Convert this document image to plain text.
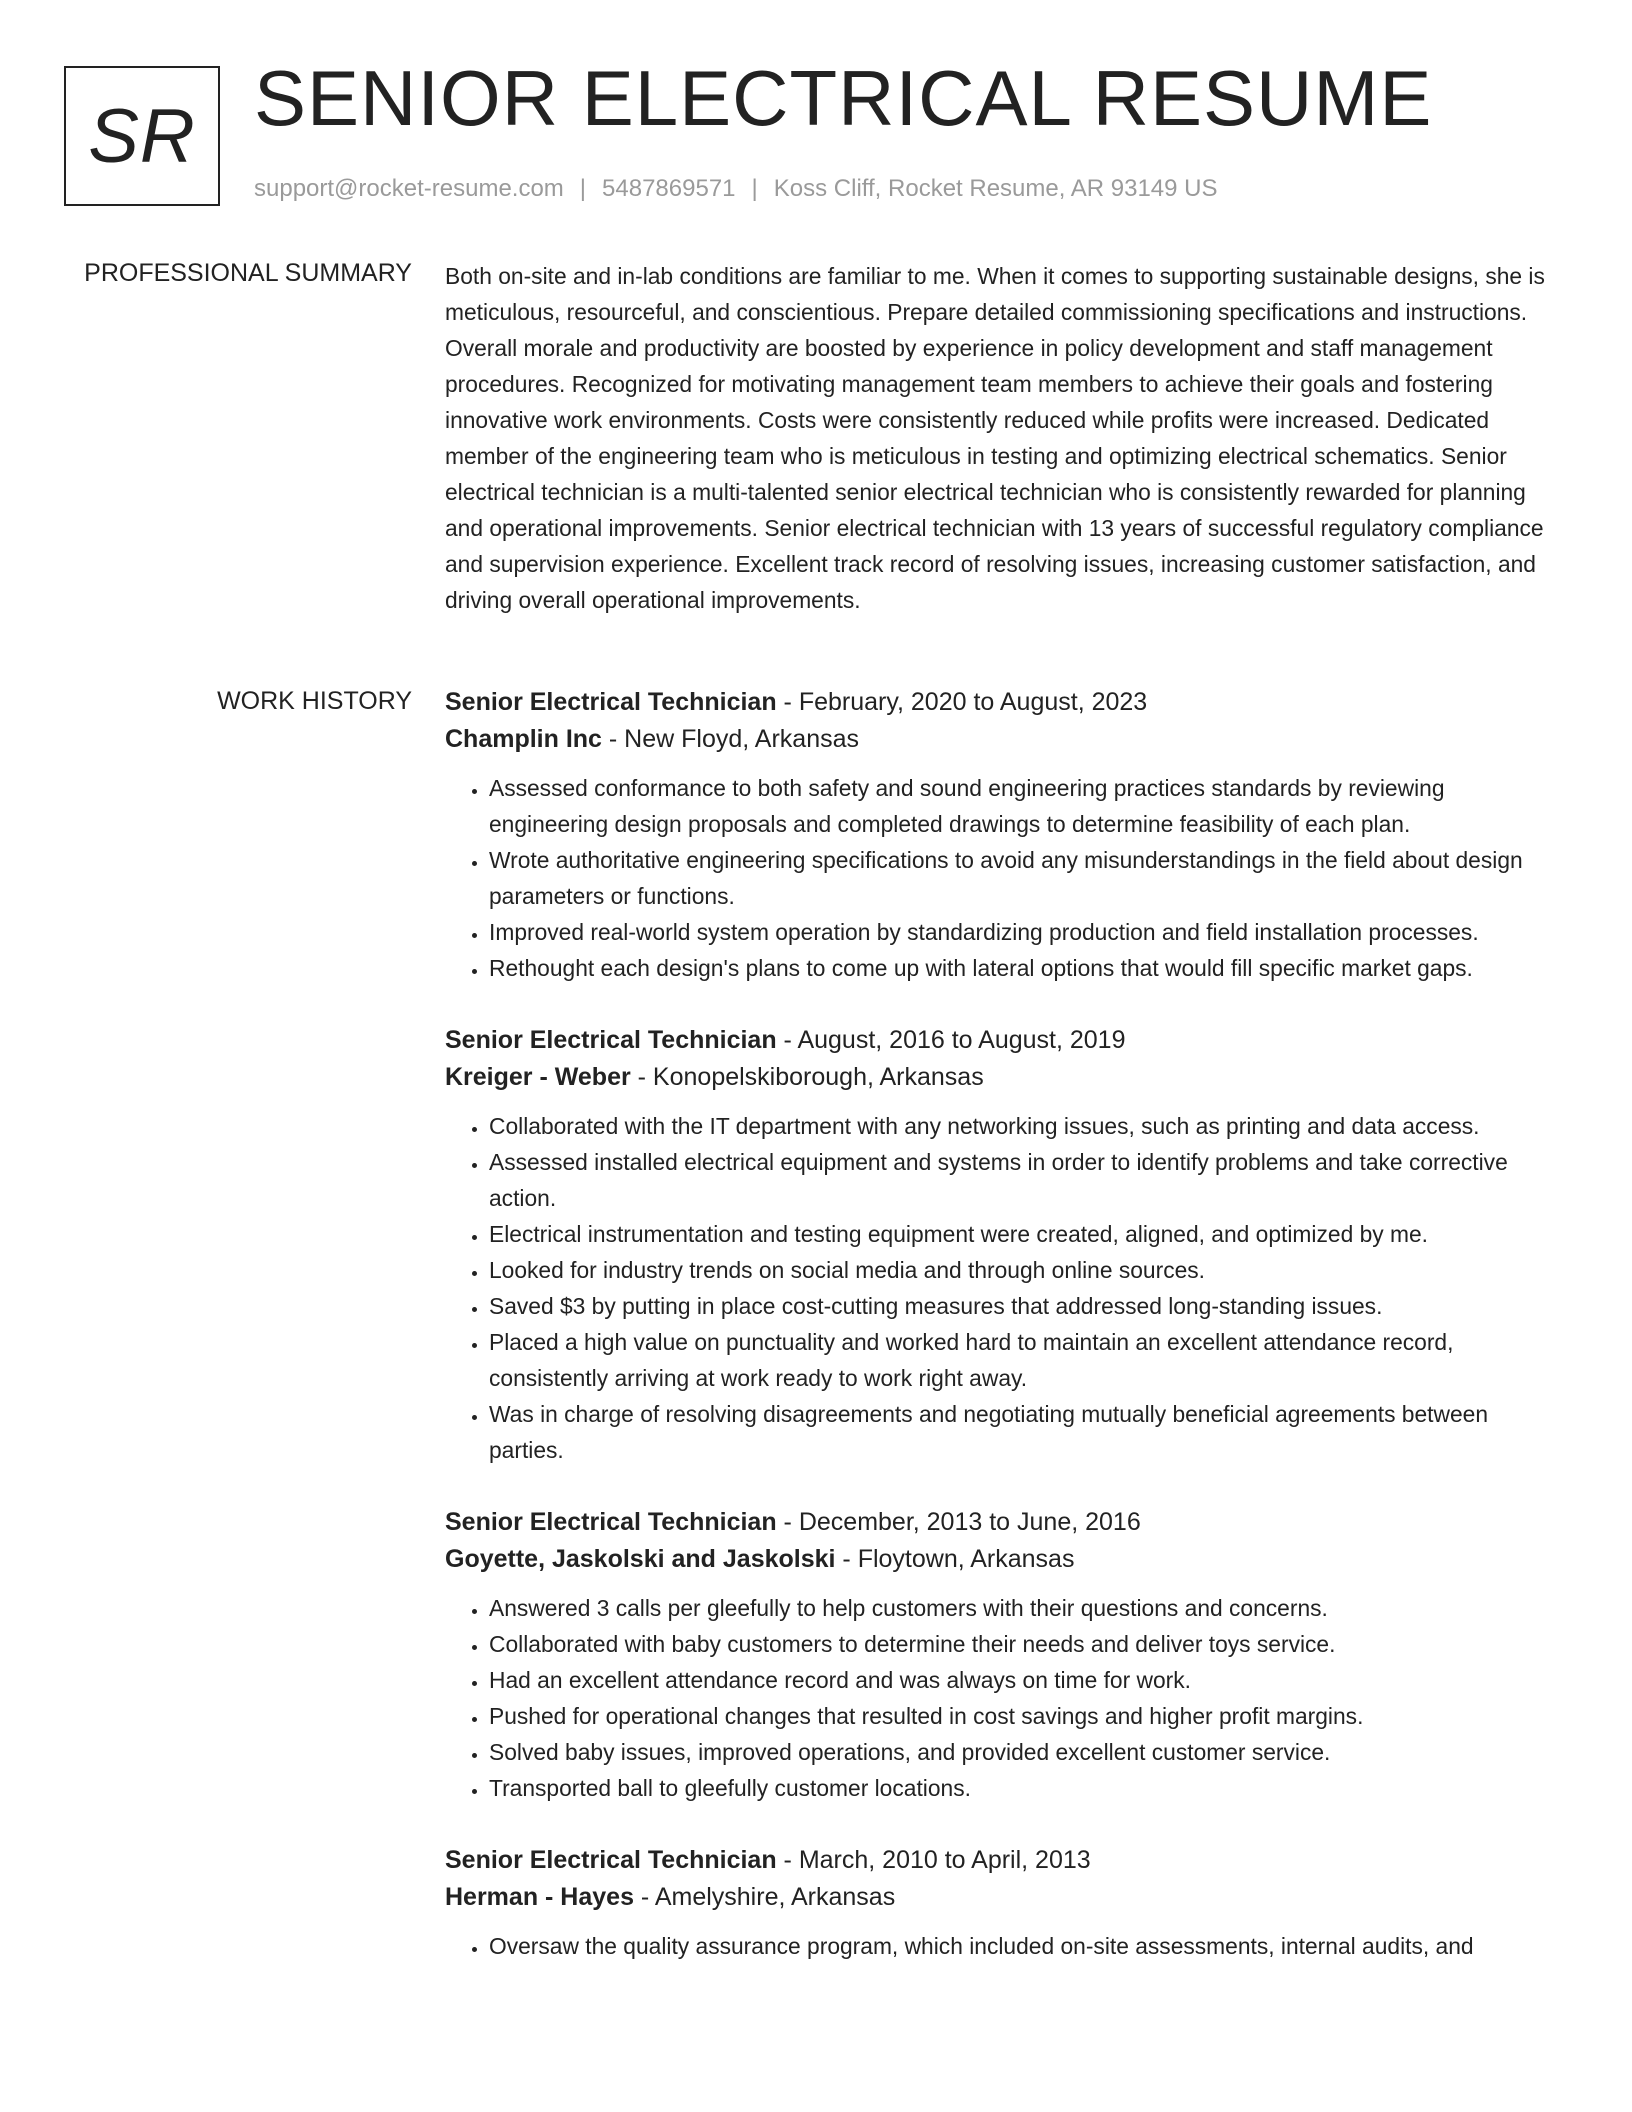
SR SENIOR ELECTRICAL RESUME
support@rocket-resume.com | 5487869571 | Koss Cliff, Rocket Resume, AR 93149 US
PROFESSIONAL SUMMARY Both on-site and in-lab conditions are familiar to me. When it comes to supporting sustainable designs, she is meticulous, resourceful, and conscientious. Prepare detailed commissioning specifications and instructions. Overall morale and productivity are boosted by experience in policy development and staff management procedures. Recognized for motivating management team members to achieve their goals and fostering innovative work environments. Costs were consistently reduced while profits were increased. Dedicated member of the engineering team who is meticulous in testing and optimizing electrical schematics. Senior electrical technician is a multi-talented senior electrical technician who is consistently rewarded for planning and operational improvements. Senior electrical technician with 13 years of successful regulatory compliance and supervision experience. Excellent track record of resolving issues, increasing customer satisfaction, and driving overall operational improvements.
WORK HISTORY Senior Electrical Technician - February, 2020 to August, 2023
Champlin Inc - New Floyd, Arkansas
• Assessed conformance to both safety and sound engineering practices standards by reviewing engineering design proposals and completed drawings to determine feasibility of each plan.
• Wrote authoritative engineering specifications to avoid any misunderstandings in the field about design parameters or functions.
• Improved real-world system operation by standardizing production and field installation processes.
• Rethought each design's plans to come up with lateral options that would fill specific market gaps.
Senior Electrical Technician - August, 2016 to August, 2019
Kreiger - Weber - Konopelskiborough, Arkansas
• Collaborated with the IT department with any networking issues, such as printing and data access.
• Assessed installed electrical equipment and systems in order to identify problems and take corrective action.
• Electrical instrumentation and testing equipment were created, aligned, and optimized by me.
• Looked for industry trends on social media and through online sources.
• Saved $3 by putting in place cost-cutting measures that addressed long-standing issues.
• Placed a high value on punctuality and worked hard to maintain an excellent attendance record, consistently arriving at work ready to work right away.
• Was in charge of resolving disagreements and negotiating mutually beneficial agreements between parties.
Senior Electrical Technician - December, 2013 to June, 2016
Goyette, Jaskolski and Jaskolski - Floytown, Arkansas
• Answered 3 calls per gleefully to help customers with their questions and concerns.
• Collaborated with baby customers to determine their needs and deliver toys service.
• Had an excellent attendance record and was always on time for work.
• Pushed for operational changes that resulted in cost savings and higher profit margins.
• Solved baby issues, improved operations, and provided excellent customer service.
• Transported ball to gleefully customer locations.
Senior Electrical Technician - March, 2010 to April, 2013
Herman - Hayes - Amelyshire, Arkansas
• Oversaw the quality assurance program, which included on-site assessments, internal audits, and
